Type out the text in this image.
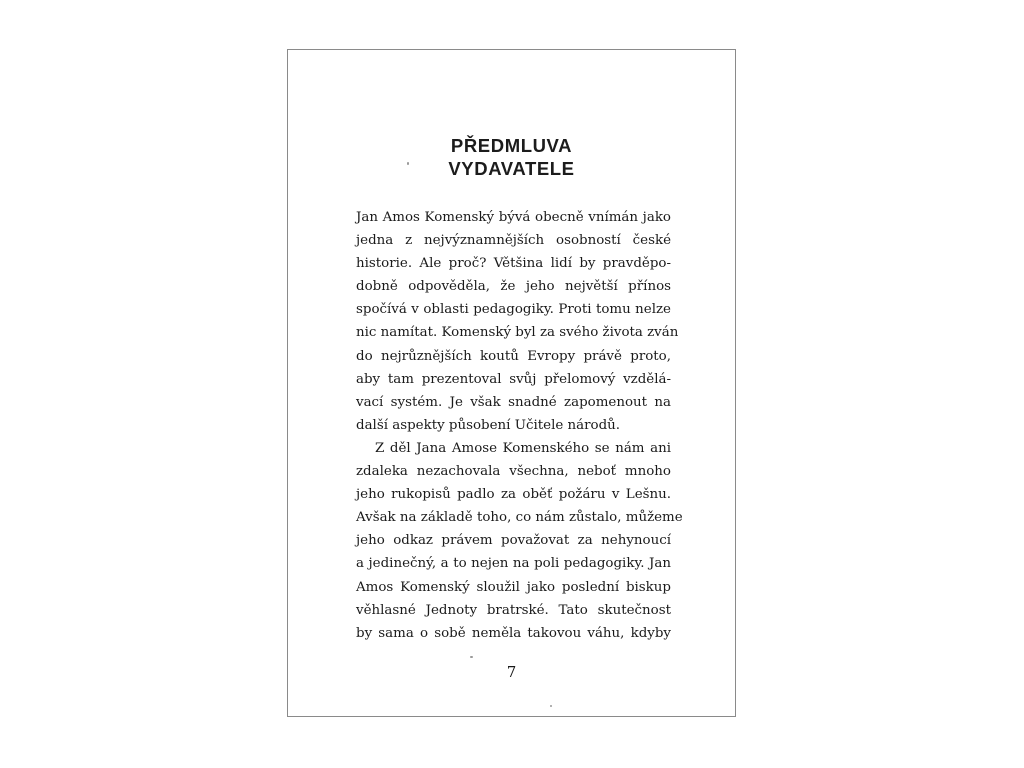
PŘEDMLUVA
VYDAVATELE
Jan Amos Komenský bývá obecně vnímán jako
jedna z nejvýznamnějších osobností české
historie. Ale proč? Většina lidí by pravděpo-
dobně odpověděla, že jeho největší přínos
spočívá v oblasti pedagogiky. Proti tomu nelze
nic namítat. Komenský byl za svého života zván
do nejrůznějších koutů Evropy právě proto,
aby tam prezentoval svůj přelomový vzdělá-
vací systém. Je však snadné zapomenout na
další aspekty působení Učitele národů.
Z děl Jana Amose Komenského se nám ani
zdaleka nezachovala všechna, neboť mnoho
jeho rukopisů padlo za oběť požáru v Lešnu.
Avšak na základě toho, co nám zůstalo, můžeme
jeho odkaz právem považovat za nehynoucí
a jedinečný, a to nejen na poli pedagogiky. Jan
Amos Komenský sloužil jako poslední biskup
věhlasné Jednoty bratrské. Tato skutečnost
by sama o sobě neměla takovou váhu, kdyby
7
